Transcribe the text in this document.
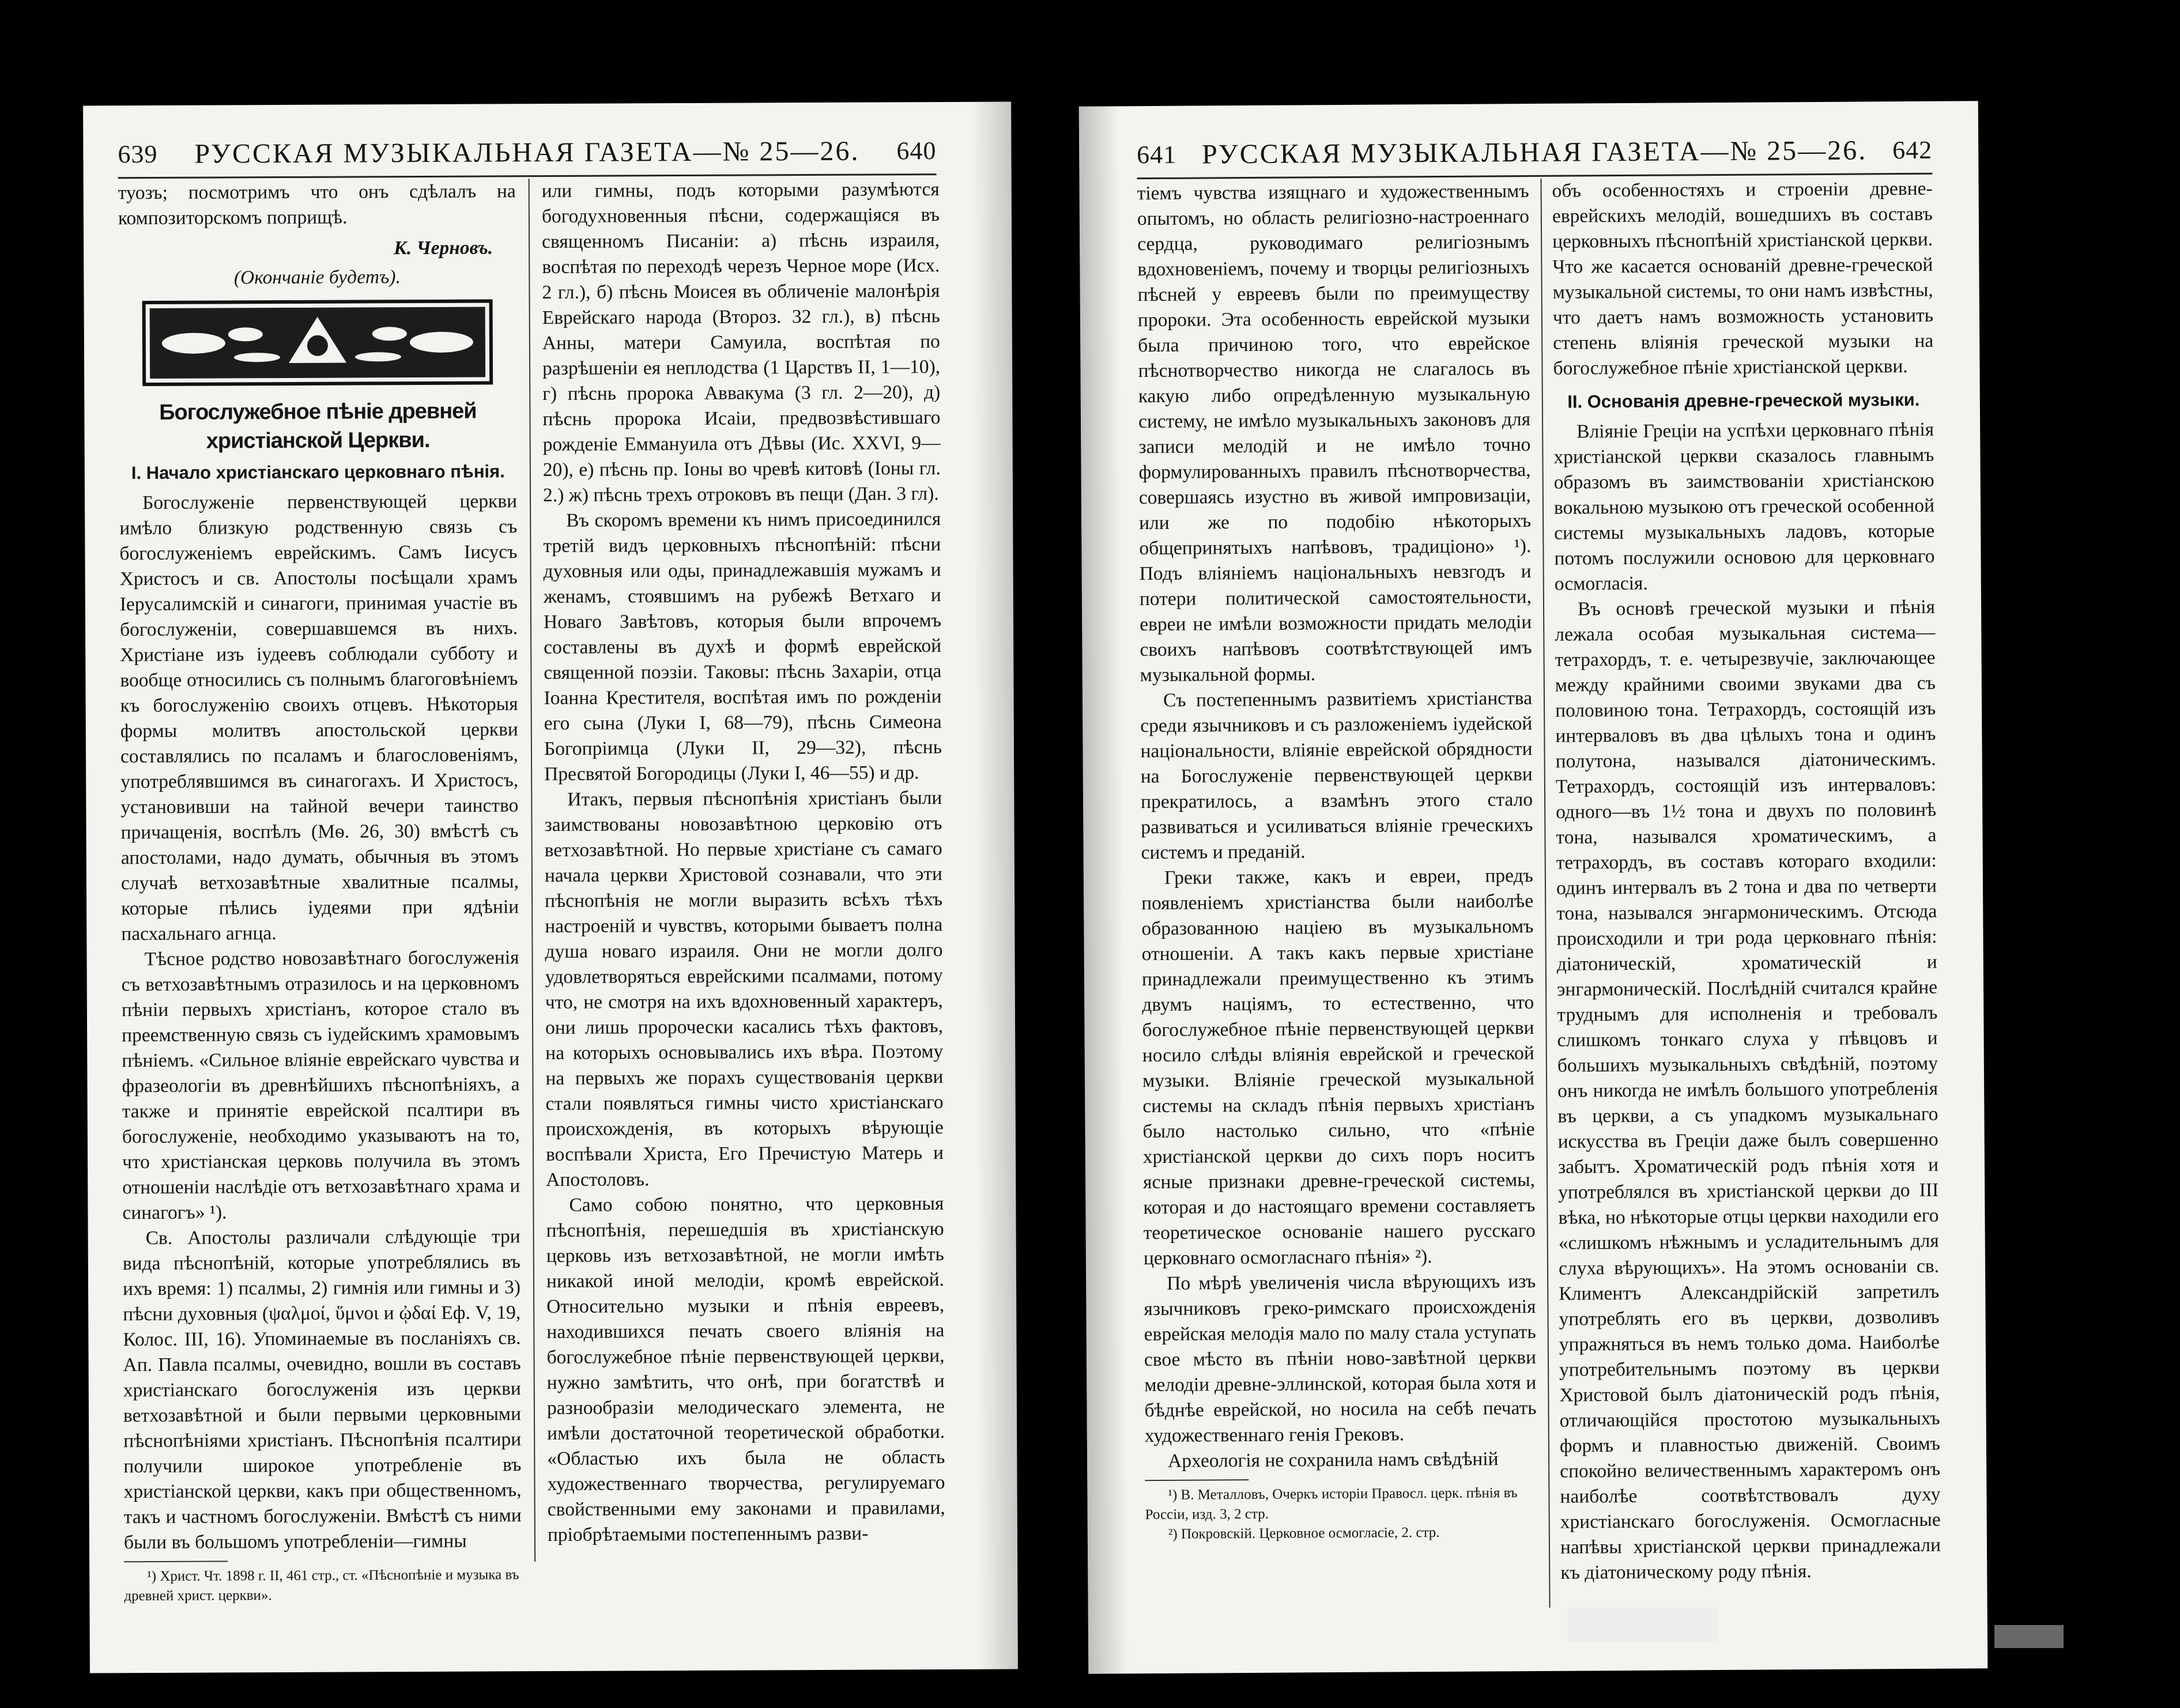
639	РУССКАЯ МУЗЫКАЛЬНАЯ ГАЗЕТА—№ 25—26.	640

туозъ; посмотримъ что онъ сдѣлалъ на композиторскомъ поприщѣ.

К. Черновъ.
(Окончаніе будетъ).
Богослужебное пѣніе древней христіанской Церкви.
I. Начало христіанскаго церковнаго пѣнія.

Богослуженіе первенствующей церкви имѣло близкую родственную связь съ богослуженіемъ еврейскимъ. Самъ Іисусъ Христосъ и св. Апостолы посѣщали храмъ Іерусалимскій и синагоги, принимая участіе въ богослуженіи, совершавшемся въ нихъ. Христіане изъ іудеевъ соблюдали субботу и вообще относились съ полнымъ благоговѣніемъ къ богослуженію своихъ отцевъ. Нѣкоторыя формы молитвъ апостольской церкви составлялись по псаламъ и благословеніямъ, употреблявшимся въ синагогахъ. И Христосъ, установивши на тайной вечери таинство причащенія, воспѣлъ (Мѳ. 26, 30) вмѣстѣ съ апостолами, надо думать, обычныя въ этомъ случаѣ ветхозавѣтные хвалитные псалмы, которые пѣлись іудеями при ядѣніи пасхальнаго агнца.

Тѣсное родство новозавѣтнаго богослуженія съ ветхозавѣтнымъ отразилось и на церковномъ пѣніи первыхъ христіанъ, которое стало въ преемственную связь съ іудейскимъ храмовымъ пѣніемъ. «Сильное вліяніе еврейскаго чувства и фразеологіи въ древнѣйшихъ пѣснопѣніяхъ, а также и принятіе еврейской псалтири въ богослуженіе, необходимо указываютъ на то, что христіанская церковь получила въ этомъ отношеніи наслѣдіе отъ ветхозавѣтнаго храма и синагогъ» ¹).

Св. Апостолы различали слѣдующіе три вида пѣснопѣній, которые употреблялись въ ихъ время: 1) псалмы, 2) гимнія или гимны и 3) пѣсни духовныя (ψαλμοί, ὕμνοι и ᾠδαί Еф. V, 19, Колос. III, 16). Упоминаемые въ посланіяхъ св. Ап. Павла псалмы, очевидно, вошли въ составъ христіанскаго богослуженія изъ церкви ветхозавѣтной и были первыми церковными пѣснопѣніями христіанъ. Пѣснопѣнія псалтири получили широкое употребленіе въ христіанской церкви, какъ при общественномъ, такъ и частномъ богослуженіи. Вмѣстѣ съ ними были въ большомъ употребленіи—гимны

¹) Христ. Чт. 1898 г. II, 461 стр., ст. «Пѣснопѣніе и музыка въ древней христ. церкви».

или гимны, подъ которыми разумѣются богодухновенныя пѣсни, содержащіяся въ священномъ Писаніи: а) пѣснь израиля, воспѣтая по переходѣ черезъ Черное море (Исх. 2 гл.), б) пѣснь Моисея въ обличеніе малонѣрія Еврейскаго народа (Второз. 32 гл.), в) пѣснь Анны, матери Самуила, воспѣтая по разрѣшеніи ея неплодства (1 Царствъ II, 1—10), г) пѣснь пророка Аввакума (3 гл. 2—20), д) пѣснь пророка Исаіи, предвозвѣстившаго рожденіе Еммануила отъ Дѣвы (Ис. XXVI, 9—20), е) пѣснь пр. Іоны во чревѣ китовѣ (Іоны гл. 2.) ж) пѣснь трехъ отроковъ въ пещи (Дан. 3 гл).

Въ скоромъ времени къ нимъ присоединился третій видъ церковныхъ пѣснопѣній: пѣсни духовныя или оды, принадлежавшія мужамъ и женамъ, стоявшимъ на рубежѣ Ветхаго и Новаго Завѣтовъ, которыя были впрочемъ составлены въ духѣ и формѣ еврейской священной поэзіи. Таковы: пѣснь Захаріи, отца Іоанна Крестителя, воспѣтая имъ по рожденіи его сына (Луки I, 68—79), пѣснь Симеона Богопріимца (Луки II, 29—32), пѣснь Пресвятой Богородицы (Луки I, 46—55) и др.

Итакъ, первыя пѣснопѣнія христіанъ были заимствованы новозавѣтною церковію отъ ветхозавѣтной. Но первые христіане съ самаго начала церкви Христовой сознавали, что эти пѣснопѣнія не могли выразить всѣхъ тѣхъ настроеній и чувствъ, которыми бываетъ полна душа новаго израиля. Они не могли долго удовлетворяться еврейскими псалмами, потому что, не смотря на ихъ вдохновенный характеръ, они лишь пророчески касались тѣхъ фактовъ, на которыхъ основывались ихъ вѣра. Поэтому на первыхъ же порахъ существованія церкви стали появляться гимны чисто христіанскаго происхожденія, въ которыхъ вѣрующіе воспѣвали Христа, Его Пречистую Матерь и Апостоловъ.

Само собою понятно, что церковныя пѣснопѣнія, перешедшія въ христіанскую церковь изъ ветхозавѣтной, не могли имѣть никакой иной мелодіи, кромѣ еврейской. Относительно музыки и пѣнія евреевъ, находившихся печать своего вліянія на богослужебное пѣніе первенствующей церкви, нужно замѣтить, что онѣ, при богатствѣ и разнообразіи мелодическаго элемента, не имѣли достаточной теоретической обработки. «Областью ихъ была не область художественнаго творчества, регулируемаго свойственными ему законами и правилами, пріобрѣтаемыми постепеннымъ разви-

641 РУССКАЯ МУЗЫКАЛЬНАЯ ГАЗЕТА—№ 25—26. 642

тіемъ чувства изящнаго и художественнымъ опытомъ, но область религіозно-настроеннаго сердца, руководимаго религіознымъ вдохновеніемъ, почему и творцы религіозныхъ пѣсней у евреевъ были по преимуществу пророки. Эта особенность еврейской музыки была причиною того, что еврейское пѣснотворчество никогда не слагалось въ какую либо опредѣленную музыкальную систему, не имѣло музыкальныхъ законовъ для записи мелодій и не имѣло точно формулированныхъ правилъ пѣснотворчества, совершаясь изустно въ живой импровизаціи, или же по подобію нѣкоторыхъ общепринятыхъ напѣвовъ, традиціоно» ¹). Подъ вліяніемъ національныхъ невзгодъ и потери политической самостоятельности, евреи не имѣли возможности придать мелодіи своихъ напѣвовъ соотвѣтствующей имъ музыкальной формы.

Съ постепеннымъ развитіемъ христіанства среди язычниковъ и съ разложеніемъ іудейской національности, вліяніе еврейской обрядности на Богослуженіе первенствующей церкви прекратилось, а взамѣнъ этого стало развиваться и усиливаться вліяніе греческихъ системъ и преданій.

Греки также, какъ и евреи, предъ появленіемъ христіанства были наиболѣе образованною націею въ музыкальномъ отношеніи. А такъ какъ первые христіане принадлежали преимущественно къ этимъ двумъ націямъ, то естественно, что богослужебное пѣніе первенствующей церкви носило слѣды вліянія еврейской и греческой музыки. Вліяніе греческой музыкальной системы на складъ пѣнія первыхъ христіанъ было настолько сильно, что «пѣніе христіанской церкви до сихъ поръ носитъ ясные признаки древне-греческой системы, которая и до настоящаго времени составляетъ теоретическое основаніе нашего русскаго церковнаго осмогласнаго пѣнія» ²).

По мѣрѣ увеличенія числа вѣрующихъ изъ язычниковъ греко-римскаго происхожденія еврейская мелодія мало по малу стала уступать свое мѣсто въ пѣніи ново-завѣтной церкви мелодіи древне-эллинской, которая была хотя и бѣднѣе еврейской, но носила на себѣ печать художественнаго генія Грековъ.

Археологія не сохранила намъ свѣдѣній

¹) В. Металловъ, Очеркъ исторіи Правосл. церк. пѣнія въ Россіи, изд. 3, 2 стр.

²) Покровскій. Церковное осмогласіе, 2. стр.

объ особенностяхъ и строеніи древне-еврейскихъ мелодій, вошедшихъ въ составъ церковныхъ пѣснопѣній христіанской церкви. Что же касается основаній древне-греческой музыкальной системы, то они намъ извѣстны, что даетъ намъ возможность установить степень вліянія греческой музыки на богослужебное пѣніе христіанской церкви.

II. Основанія древне-греческой музыки.

Вліяніе Греціи на успѣхи церковнаго пѣнія христіанской церкви сказалось главнымъ образомъ въ заимствованіи христіанскою вокальною музыкою отъ греческой особенной системы музыкальныхъ ладовъ, которые потомъ послужили основою для церковнаго осмогласія.

Въ основѣ греческой музыки и пѣнія лежала особая музыкальная система—тетрахордъ, т. е. четырезвучіе, заключающее между крайними своими звуками два съ половиною тона. Тетрахордъ, состоящій изъ интерваловъ въ два цѣлыхъ тона и одинъ полутона, назывался діатоническимъ. Тетрахордъ, состоящій изъ интерваловъ: одного—въ 1½ тона и двухъ по половинѣ тона, назывался хроматическимъ, а тетрахордъ, въ составъ котораго входили: одинъ интервалъ въ 2 тона и два по четверти тона, назывался энгармоническимъ. Отсюда происходили и три рода церковнаго пѣнія: діатоническій, хроматическій и энгармоническій. Послѣдній считался крайне труднымъ для исполненія и требовалъ слишкомъ тонкаго слуха у пѣвцовъ и большихъ музыкальныхъ свѣдѣній, поэтому онъ никогда не имѣлъ большого употребленія въ церкви, а съ упадкомъ музыкальнаго искусства въ Греціи даже былъ совершенно забытъ. Хроматическій родъ пѣнія хотя и употреблялся въ христіанской церкви до III вѣка, но нѣкоторые отцы церкви находили его «слишкомъ нѣжнымъ и усладительнымъ для слуха вѣрующихъ». На этомъ основаніи св. Климентъ Александрійскій запретилъ употреблять его въ церкви, дозволивъ упражняться въ немъ только дома. Наиболѣе употребительнымъ поэтому въ церкви Христовой былъ діатоническій родъ пѣнія, отличающійся простотою музыкальныхъ формъ и плавностью движеній. Своимъ спокойно величественнымъ характеромъ онъ наиболѣе соотвѣтствовалъ духу христіанскаго богослуженія. Осмогласные напѣвы христіанской церкви принадлежали къ діатоническому роду пѣнія.
